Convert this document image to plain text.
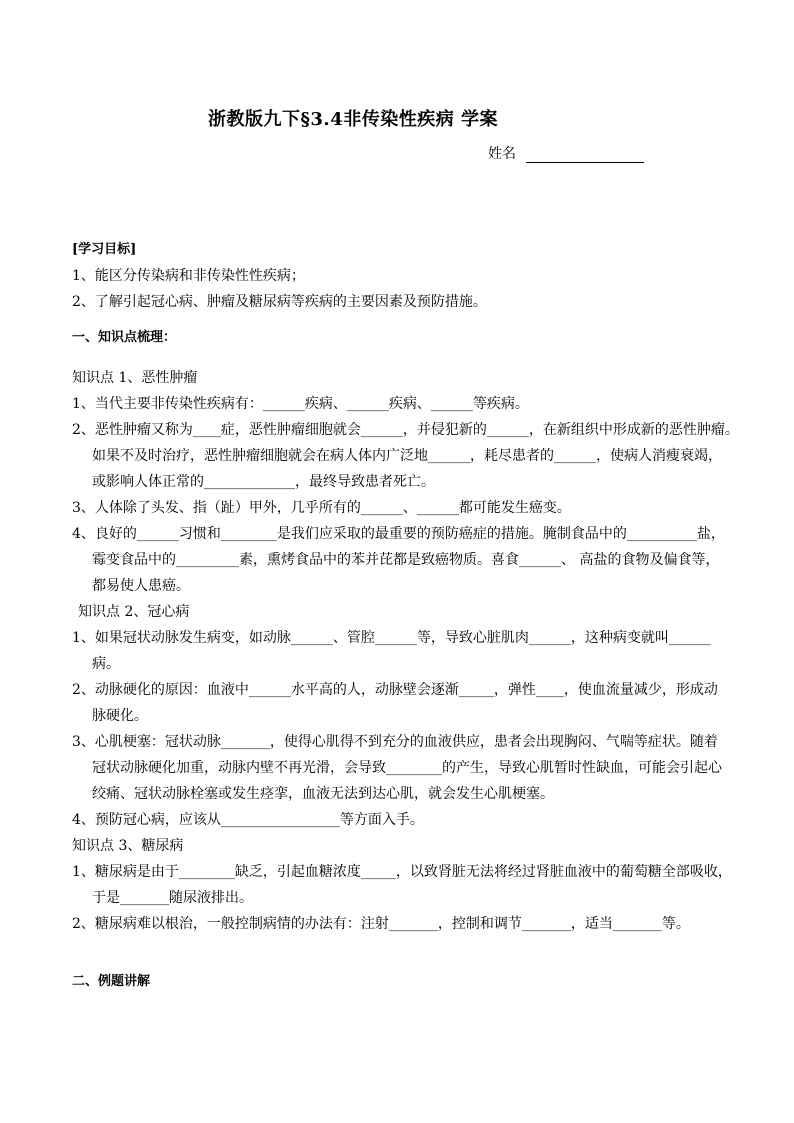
浙教版九下§3.4非传染性疾病 学案
姓名

[学习目标]

1、能区分传染病和非传染性性疾病；

2、了解引起冠心病、肿瘤及糖尿病等疾病的主要因素及预防措施。

一、知识点梳理：

知识点 1、恶性肿瘤

1、当代主要非传染性疾病有：______疾病、______疾病、______等疾病。

2、恶性肿瘤又称为____症，恶性肿瘤细胞就会______，并侵犯新的______，在新组织中形成新的恶性肿瘤。

如果不及时治疗，恶性肿瘤细胞就会在病人体内广泛地______，耗尽患者的______，使病人消瘦衰竭，

或影响人体正常的_____________，最终导致患者死亡。

3、人体除了头发、指（趾）甲外，几乎所有的______、______都可能发生癌变。

4、良好的______习惯和________是我们应采取的最重要的预防癌症的措施。腌制食品中的__________盐，

霉变食品中的_________素，熏烤食品中的苯并芘都是致癌物质。喜食______、 高盐的食物及偏食等，

都易使人患癌。

知识点 2、冠心病

1、如果冠状动脉发生病变，如动脉______、管腔______等，导致心脏肌肉______，这种病变就叫______

病。

2、动脉硬化的原因：血液中______水平高的人，动脉壁会逐渐_____，弹性____，使血流量减少，形成动

脉硬化。

3、心肌梗塞：冠状动脉_______，使得心肌得不到充分的血液供应，患者会出现胸闷、气喘等症状。随着

冠状动脉硬化加重，动脉内壁不再光滑，会导致________的产生，导致心肌暂时性缺血，可能会引起心

绞痛、冠状动脉栓塞或发生痉挛，血液无法到达心肌，就会发生心肌梗塞。

4、预防冠心病，应该从_________________等方面入手。

知识点 3、糖尿病

1、糖尿病是由于________缺乏，引起血糖浓度_____，以致肾脏无法将经过肾脏血液中的葡萄糖全部吸收，

于是_______随尿液排出。

2、糖尿病难以根治，一般控制病情的办法有：注射_______，控制和调节_______，适当_______等。

二、例题讲解
